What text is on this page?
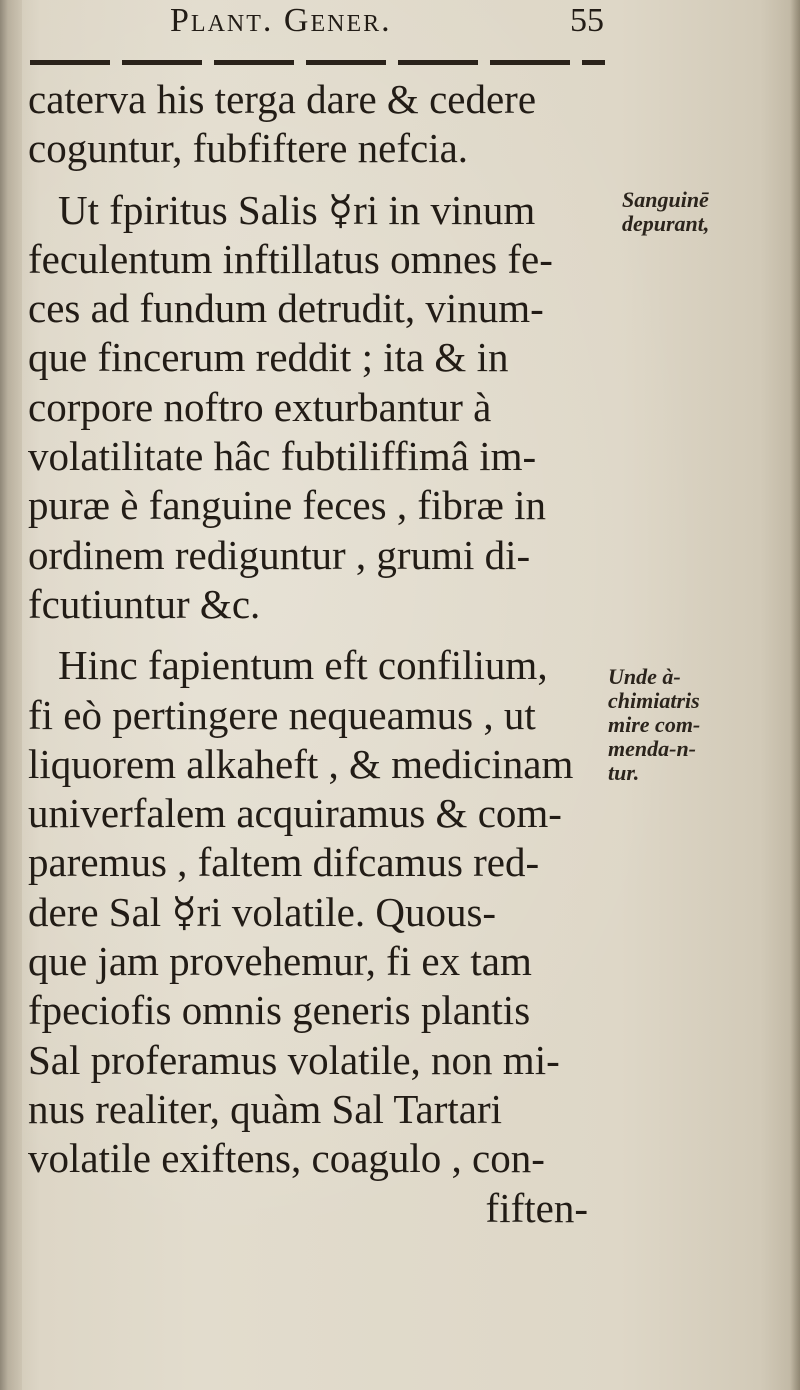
Plant. Gener.	55
caterva his terga dare & cedere
coguntur, fubfiftere nefcia.
Ut fpiritus Salis ☿ri in vinum
feculentum inftillatus omnes fe-
ces ad fundum detrudit, vinum-
que fincerum reddit ; ita & in
corpore noftro exturbantur à
volatilitate hâc fubtiliffimâ im-
puræ è fanguine feces , fibræ in
ordinem rediguntur , grumi di-
fcutiuntur &c.
Hinc fapientum eft confilium,
fi eò pertingere nequeamus , ut
liquorem alkaheft , & medicinam
univerfalem acquiramus & com-
paremus , faltem difcamus red-
dere Sal ☿ri volatile. Quous-
que jam provehemur, fi ex tam
fpeciofis omnis generis plantis
Sal proferamus volatile, non mi-
nus realiter, quàm Sal Tartari
volatile exiftens, coagulo , con-
fiften-
Sanguinē
depurant,
Unde à-
chimiatris
mire com-
menda-n-
tur.
